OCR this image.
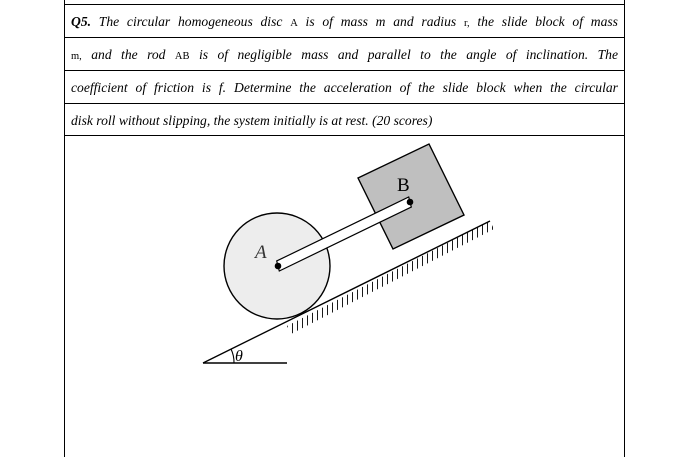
Q5. The circular homogeneous disc A is of mass m and radius r, the slide block of mass
m, and the rod AB is of negligible mass and parallel to the angle of inclination. The
coefficient of friction is f. Determine the acceleration of the slide block when the circular
disk roll without slipping, the system initially is at rest. (20 scores)
A
B
θ
